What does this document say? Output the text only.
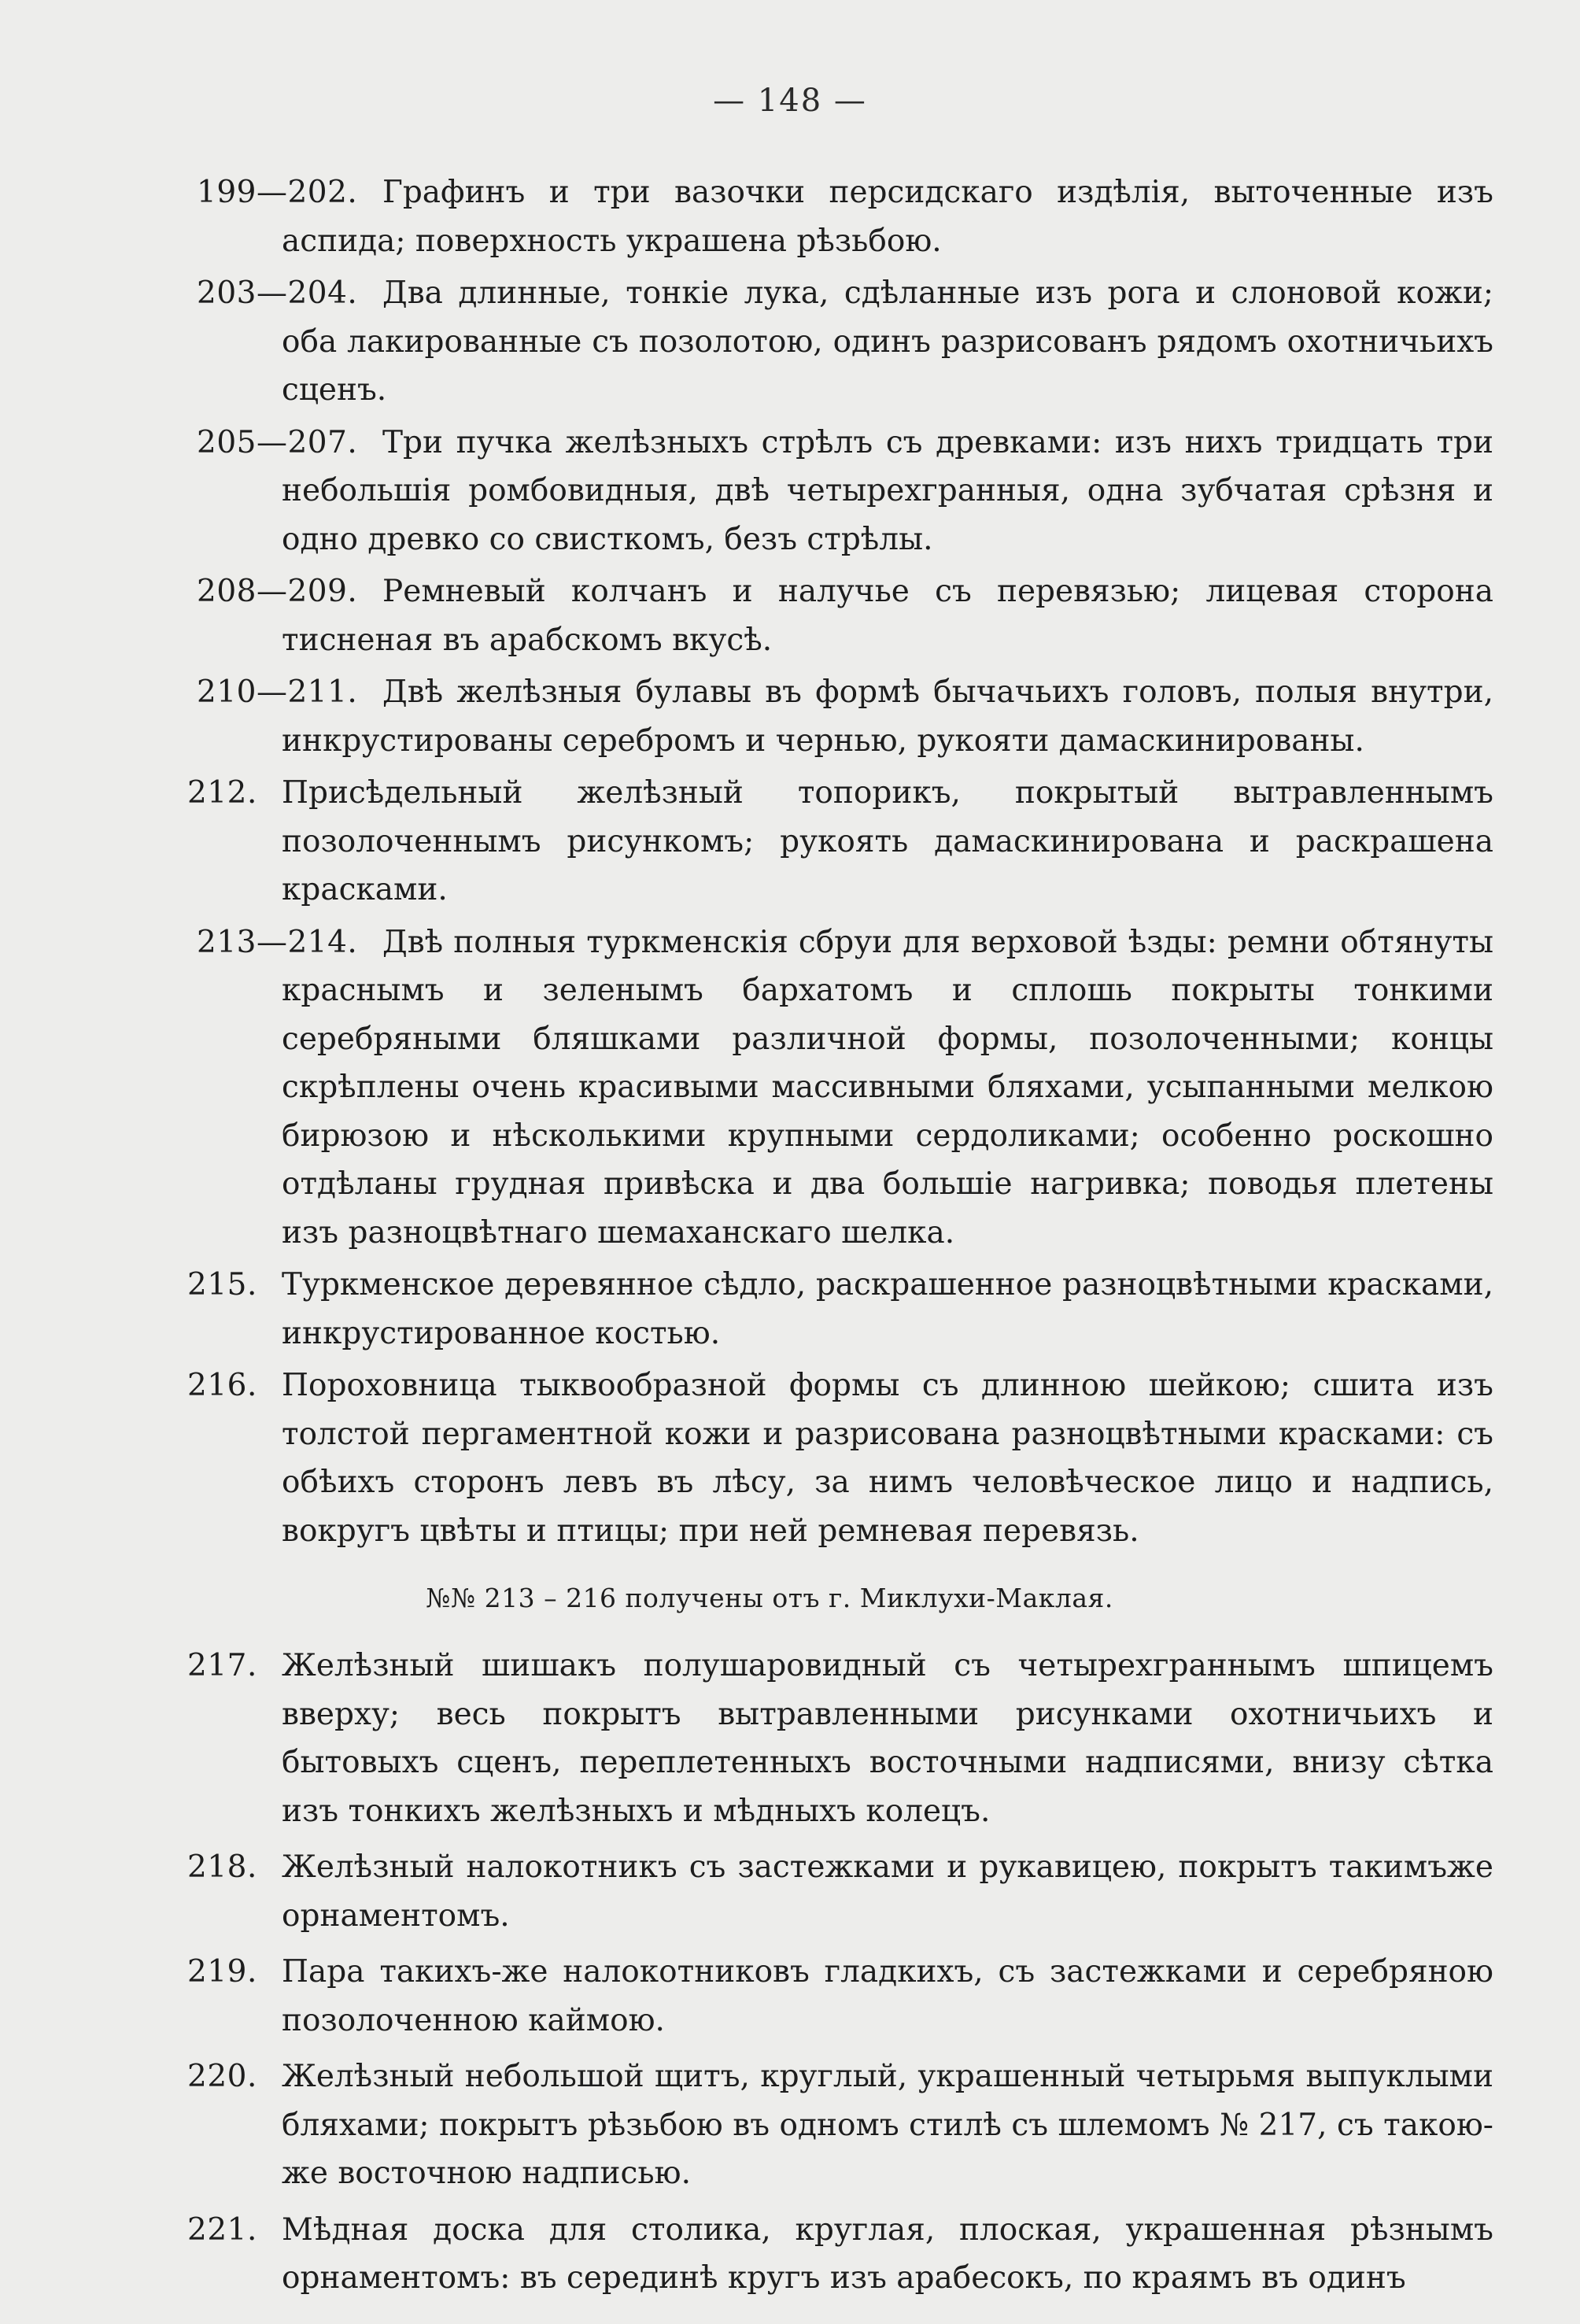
— 148 —
199—202. Графинъ и три вазочки персидскаго издѣлія, выточенные изъ аспида; поверхность украшена рѣзьбою.
203—204. Два длинные, тонкіе лука, сдѣланные изъ рога и слоновой кожи; оба лакированные съ позолотою, одинъ разрисованъ рядомъ охотничьихъ сценъ.
205—207. Три пучка желѣзныхъ стрѣлъ съ древками: изъ нихъ тридцать три небольшія ромбовидныя, двѣ четырехгранныя, одна зубчатая срѣзня и одно древко со свисткомъ, безъ стрѣлы.
208—209. Ремневый колчанъ и налучье съ перевязью; лицевая сторона тисненая въ арабскомъ вкусѣ.
210—211. Двѣ желѣзныя булавы въ формѣ бычачьихъ головъ, полыя внутри, инкрустированы серебромъ и чернью, рукояти дамаскинированы.
212. Присѣдельный желѣзный топорикъ, покрытый вытравленнымъ позолоченнымъ рисункомъ; рукоять дамаскинирована и раскрашена красками.
213—214. Двѣ полныя туркменскія сбруи для верховой ѣзды: ремни обтянуты краснымъ и зеленымъ бархатомъ и сплошь покрыты тонкими серебряными бляшками различной формы, позолоченными; концы скрѣплены очень красивыми массивными бляхами, усыпанными мелкою бирюзою и нѣсколькими крупными сердоликами; особенно роскошно отдѣланы грудная привѣска и два большіе нагривка; поводья плетены изъ разноцвѣтнаго шемаханскаго шелка.
215. Туркменское деревянное сѣдло, раскрашенное разноцвѣтными красками, инкрустированное костью.
216. Пороховница тыквообразной формы съ длинною шейкою; сшита изъ толстой пергаментной кожи и разрисована разноцвѣтными красками: съ обѣихъ сторонъ левъ въ лѣсу, за нимъ человѣческое лицо и надпись, вокругъ цвѣты и птицы; при ней ремневая перевязь.
№№ 213 – 216 получены отъ г. Миклухи-Маклая.
217. Желѣзный шишакъ полушаровидный съ четырехграннымъ шпицемъ вверху; весь покрытъ вытравленными рисунками охотничьихъ и бытовыхъ сценъ, переплетенныхъ восточными надписями, внизу сѣтка изъ тонкихъ желѣзныхъ и мѣдныхъ колецъ.
218. Желѣзный налокотникъ съ застежками и рукавицею, покрытъ такимъже орнаментомъ.
219. Пара такихъ-же налокотниковъ гладкихъ, съ застежками и серебряною позолоченною каймою.
220. Желѣзный небольшой щитъ, круглый, украшенный четырьмя выпуклыми бляхами; покрытъ рѣзьбою въ одномъ стилѣ съ шлемомъ № 217, съ такою-же восточною надписью.
221. Мѣдная доска для столика, круглая, плоская, украшенная рѣзнымъ орнаментомъ: въ серединѣ кругъ изъ арабесокъ, по краямъ въ одинъ
